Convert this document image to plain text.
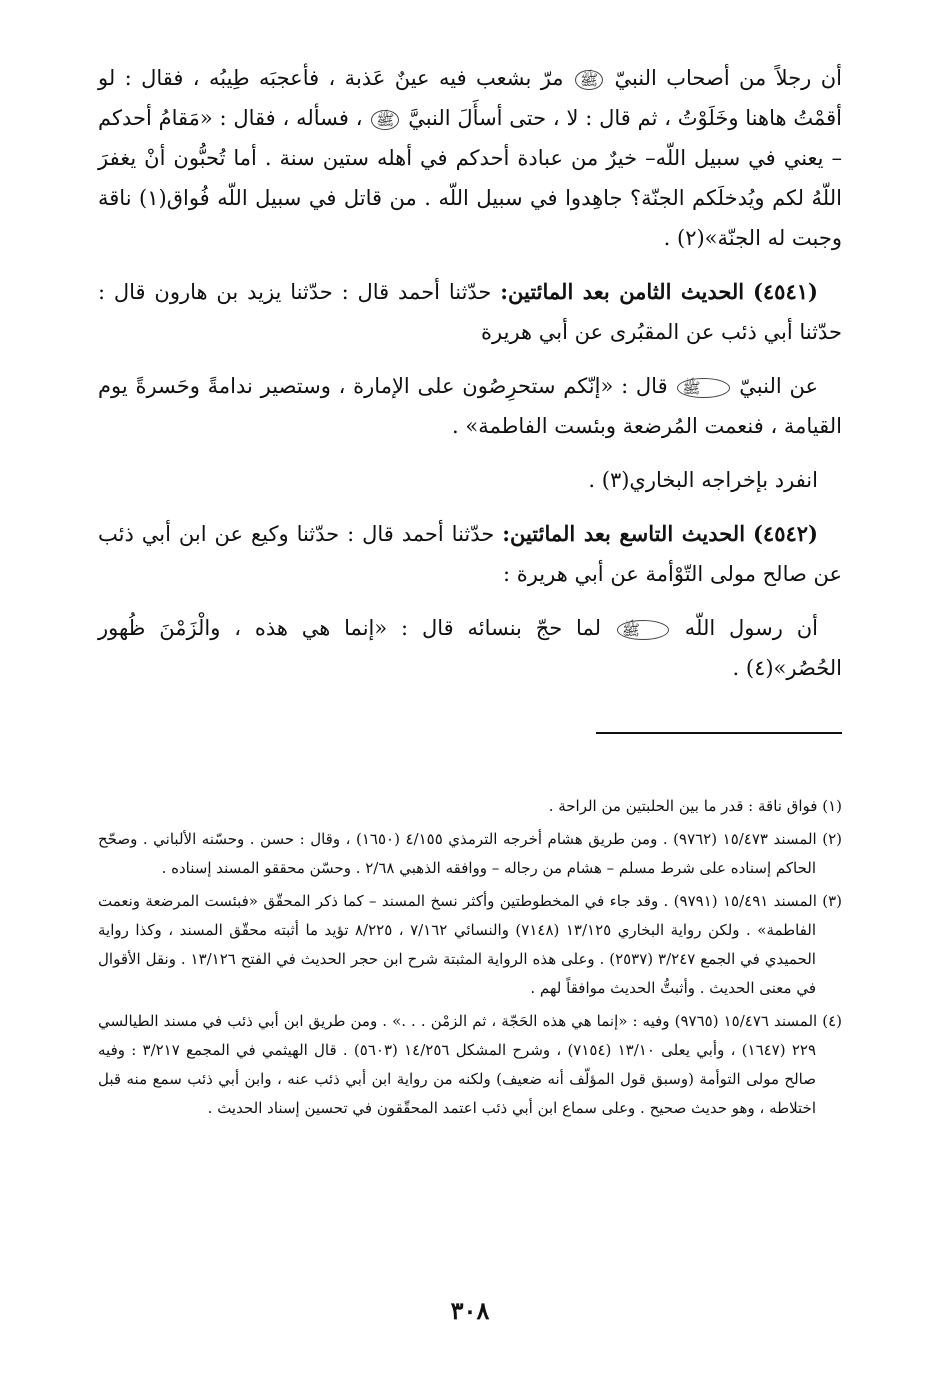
أن رجلاً من أصحاب النبيّ ﷺ مرّ بشعب فيه عينٌ عَذبة ، فأعجبَه طِيبُه ، فقال : لو أقمْتُ هاهنا وخَلَوْتُ ، ثم قال : لا ، حتى أسأَلَ النبيَّ ﷺ ، فسأله ، فقال : «مَقامُ أحدكم – يعني في سبيل اللّه– خيرٌ من عبادة أحدكم في أهله ستين سنة . أما تُحبُّون أنْ يغفرَ اللّهُ لكم ويُدخلَكم الجنّة؟ جاهِدوا في سبيل اللّه . من قاتل في سبيل اللّه فُواق(١) ناقة وجبت له الجنّة»(٢) .

(٤٥٤١) الحديث الثامن بعد المائتين: حدّثنا أحمد قال : حدّثنا يزيد بن هارون قال : حدّثنا أبي ذئب عن المقبُرى عن أبي هريرة

عن النبيّ ﷺ قال : «إنّكم ستحرِصُون على الإمارة ، وستصير ندامةً وحَسرةً يوم القيامة ، فنعمت المُرضعة وبئست الفاطمة» .

انفرد بإخراجه البخاري(٣) .

(٤٥٤٢) الحديث التاسع بعد المائتين: حدّثنا أحمد قال : حدّثنا وكيع عن ابن أبي ذئب عن صالح مولى التّوْأمة عن أبي هريرة :

أن رسول اللّه ﷺ لما حجّ بنسائه قال : «إنما هي هذه ، والْزَمْنَ ظُهور الحُصُر»(٤) .

(١) فواق ناقة : قدر ما بين الحلبتين من الراحة .

(٢) المسند ١٥/٤٧٣ (٩٧٦٢) . ومن طريق هشام أخرجه الترمذي ٤/١٥٥ (١٦٥٠) ، وقال : حسن . وحسّنه الألباني . وصحّح الحاكم إسناده على شرط مسلم – هشام من رجاله – ووافقه الذهبي ٢/٦٨ . وحسّن محققو المسند إسناده .

(٣) المسند ١٥/٤٩١ (٩٧٩١) . وقد جاء في المخطوطتين وأكثر نسخ المسند – كما ذكر المحقّق «فبئست المرضعة ونعمت الفاطمة» . ولكن رواية البخاري ١٣/١٢٥ (٧١٤٨) والنسائي ٧/١٦٢ ، ٨/٢٢٥ تؤيد ما أثبته محقّق المسند ، وكذا رواية الحميدي في الجمع ٣/٢٤٧ (٢٥٣٧) . وعلى هذه الرواية المثبتة شرح ابن حجر الحديث في الفتح ١٣/١٢٦ . ونقل الأقوال في معنى الحديث . وأثبتُّ الحديث موافقاً لهم .

(٤) المسند ١٥/٤٧٦ (٩٧٦٥) وفيه : «إنما هي هذه الحَجّة ، ثم الزمْن . . .» . ومن طريق ابن أبي ذئب في مسند الطيالسي ٢٢٩ (١٦٤٧) ، وأبي يعلى ١٣/١٠ (٧١٥٤) ، وشرح المشكل ١٤/٢٥٦ (٥٦٠٣) . قال الهيثمي في المجمع ٣/٢١٧ : وفيه صالح مولى التوأمة (وسبق قول المؤلّف أنه ضعيف) ولكنه من رواية ابن أبي ذئب عنه ، وابن أبي ذئب سمع منه قبل اختلاطه ، وهو حديث صحيح . وعلى سماع ابن أبي ذئب اعتمد المحقّقون في تحسين إسناد الحديث .

٣٠٨
